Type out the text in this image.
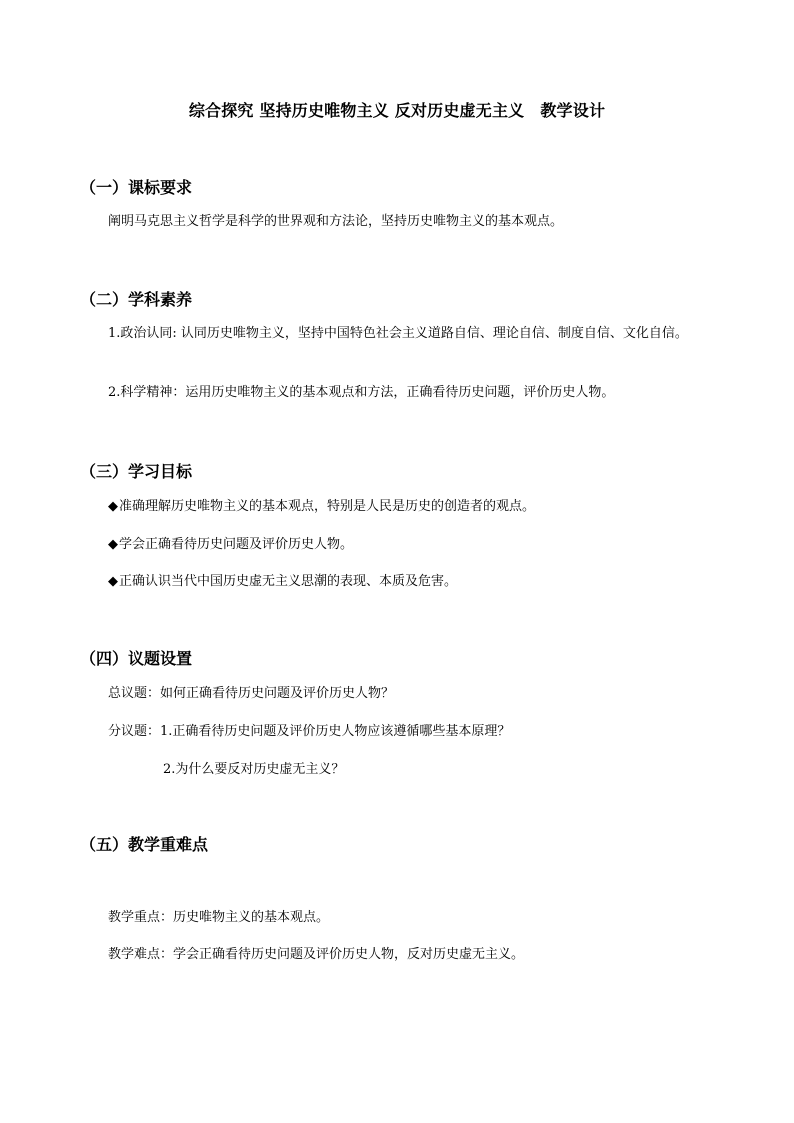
综合探究 坚持历史唯物主义 反对历史虚无主义 教学设计
（一）课标要求
阐明马克思主义哲学是科学的世界观和方法论，坚持历史唯物主义的基本观点。
（二）学科素养
1.政治认同: 认同历史唯物主义，坚持中国特色社会主义道路自信、理论自信、制度自信、文化自信。
2.科学精神：运用历史唯物主义的基本观点和方法，正确看待历史问题，评价历史人物。
（三）学习目标
◆准确理解历史唯物主义的基本观点，特别是人民是历史的创造者的观点。
◆学会正确看待历史问题及评价历史人物。
◆正确认识当代中国历史虚无主义思潮的表现、本质及危害。
（四）议题设置
总议题：如何正确看待历史问题及评价历史人物？
分议题：1.正确看待历史问题及评价历史人物应该遵循哪些基本原理？
2.为什么要反对历史虚无主义？
（五）教学重难点
教学重点：历史唯物主义的基本观点。
教学难点：学会正确看待历史问题及评价历史人物，反对历史虚无主义。
